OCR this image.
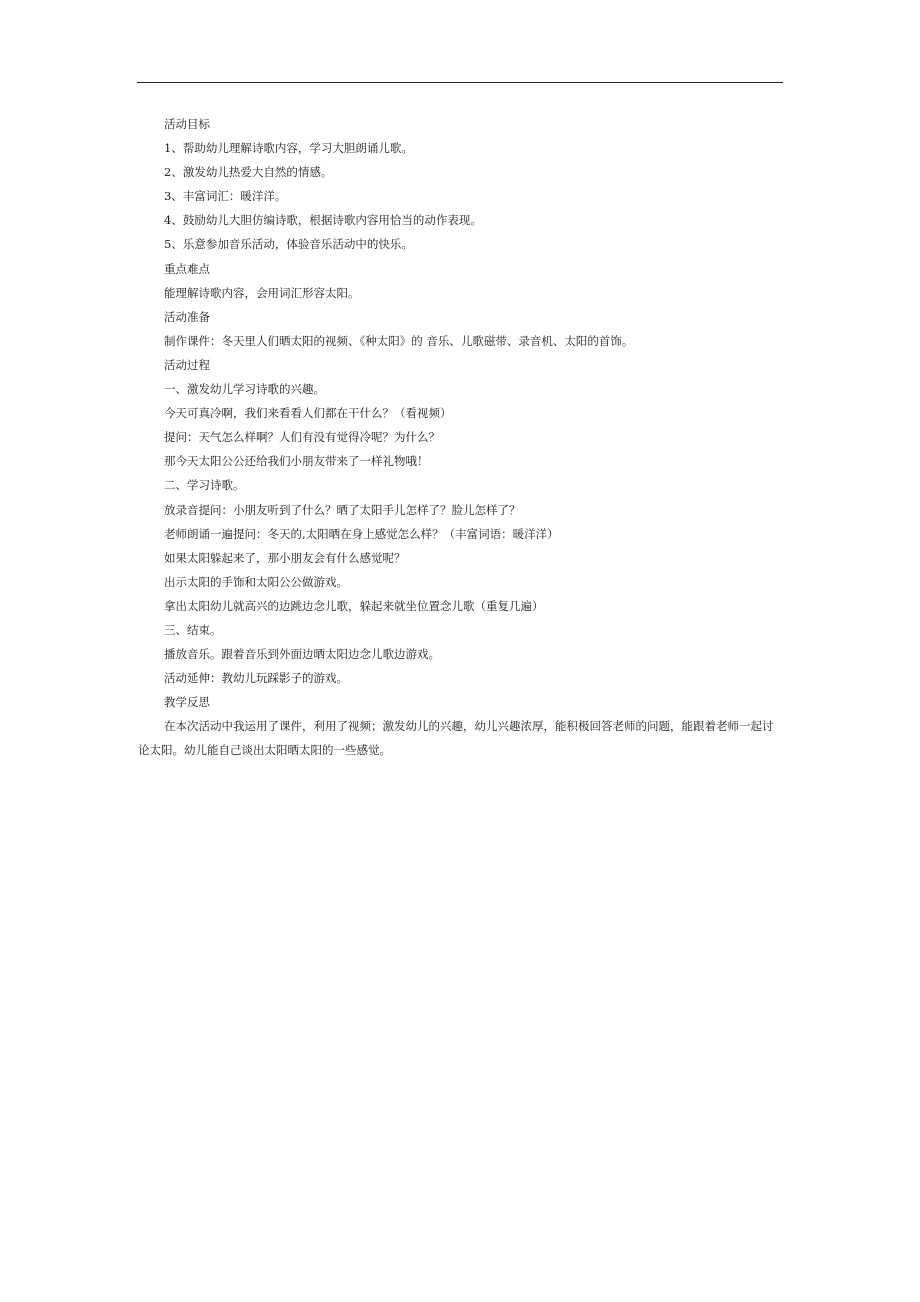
活动目标
1、帮助幼儿理解诗歌内容，学习大胆朗诵儿歌。
2、激发幼儿热爱大自然的情感。
3、丰富词汇：暖洋洋。
4、鼓励幼儿大胆仿编诗歌，根据诗歌内容用恰当的动作表现。
5、乐意参加音乐活动，体验音乐活动中的快乐。
重点难点
能理解诗歌内容，会用词汇形容太阳。
活动准备
制作课件：冬天里人们晒太阳的视频、《种太阳》的 音乐、儿歌磁带、录音机、太阳的首饰。
活动过程
一、激发幼儿学习诗歌的兴趣。
今天可真冷啊，我们来看看人们都在干什么？（看视频）
提问：天气怎么样啊？人们有没有觉得冷呢？为什么？
那今天太阳公公还给我们小朋友带来了一样礼物哦！
二、学习诗歌。
放录音提问：小朋友听到了什么？晒了太阳手儿怎样了？脸儿怎样了？
老师朗诵一遍提问：冬天的,太阳晒在身上感觉怎么样？（丰富词语：暖洋洋）
如果太阳躲起来了，那小朋友会有什么感觉呢？
出示太阳的手饰和太阳公公做游戏。
拿出太阳幼儿就高兴的边跳边念儿歌，躲起来就坐位置念儿歌（重复几遍）
三、结束。
播放音乐。跟着音乐到外面边晒太阳边念儿歌边游戏。
活动延伸：教幼儿玩踩影子的游戏。
教学反思
在本次活动中我运用了课件，利用了视频；激发幼儿的兴趣，幼儿兴趣浓厚，能积极回答老师的问题，能跟着老师一起讨论太阳。幼儿能自己谈出太阳晒太阳的一些感觉。
